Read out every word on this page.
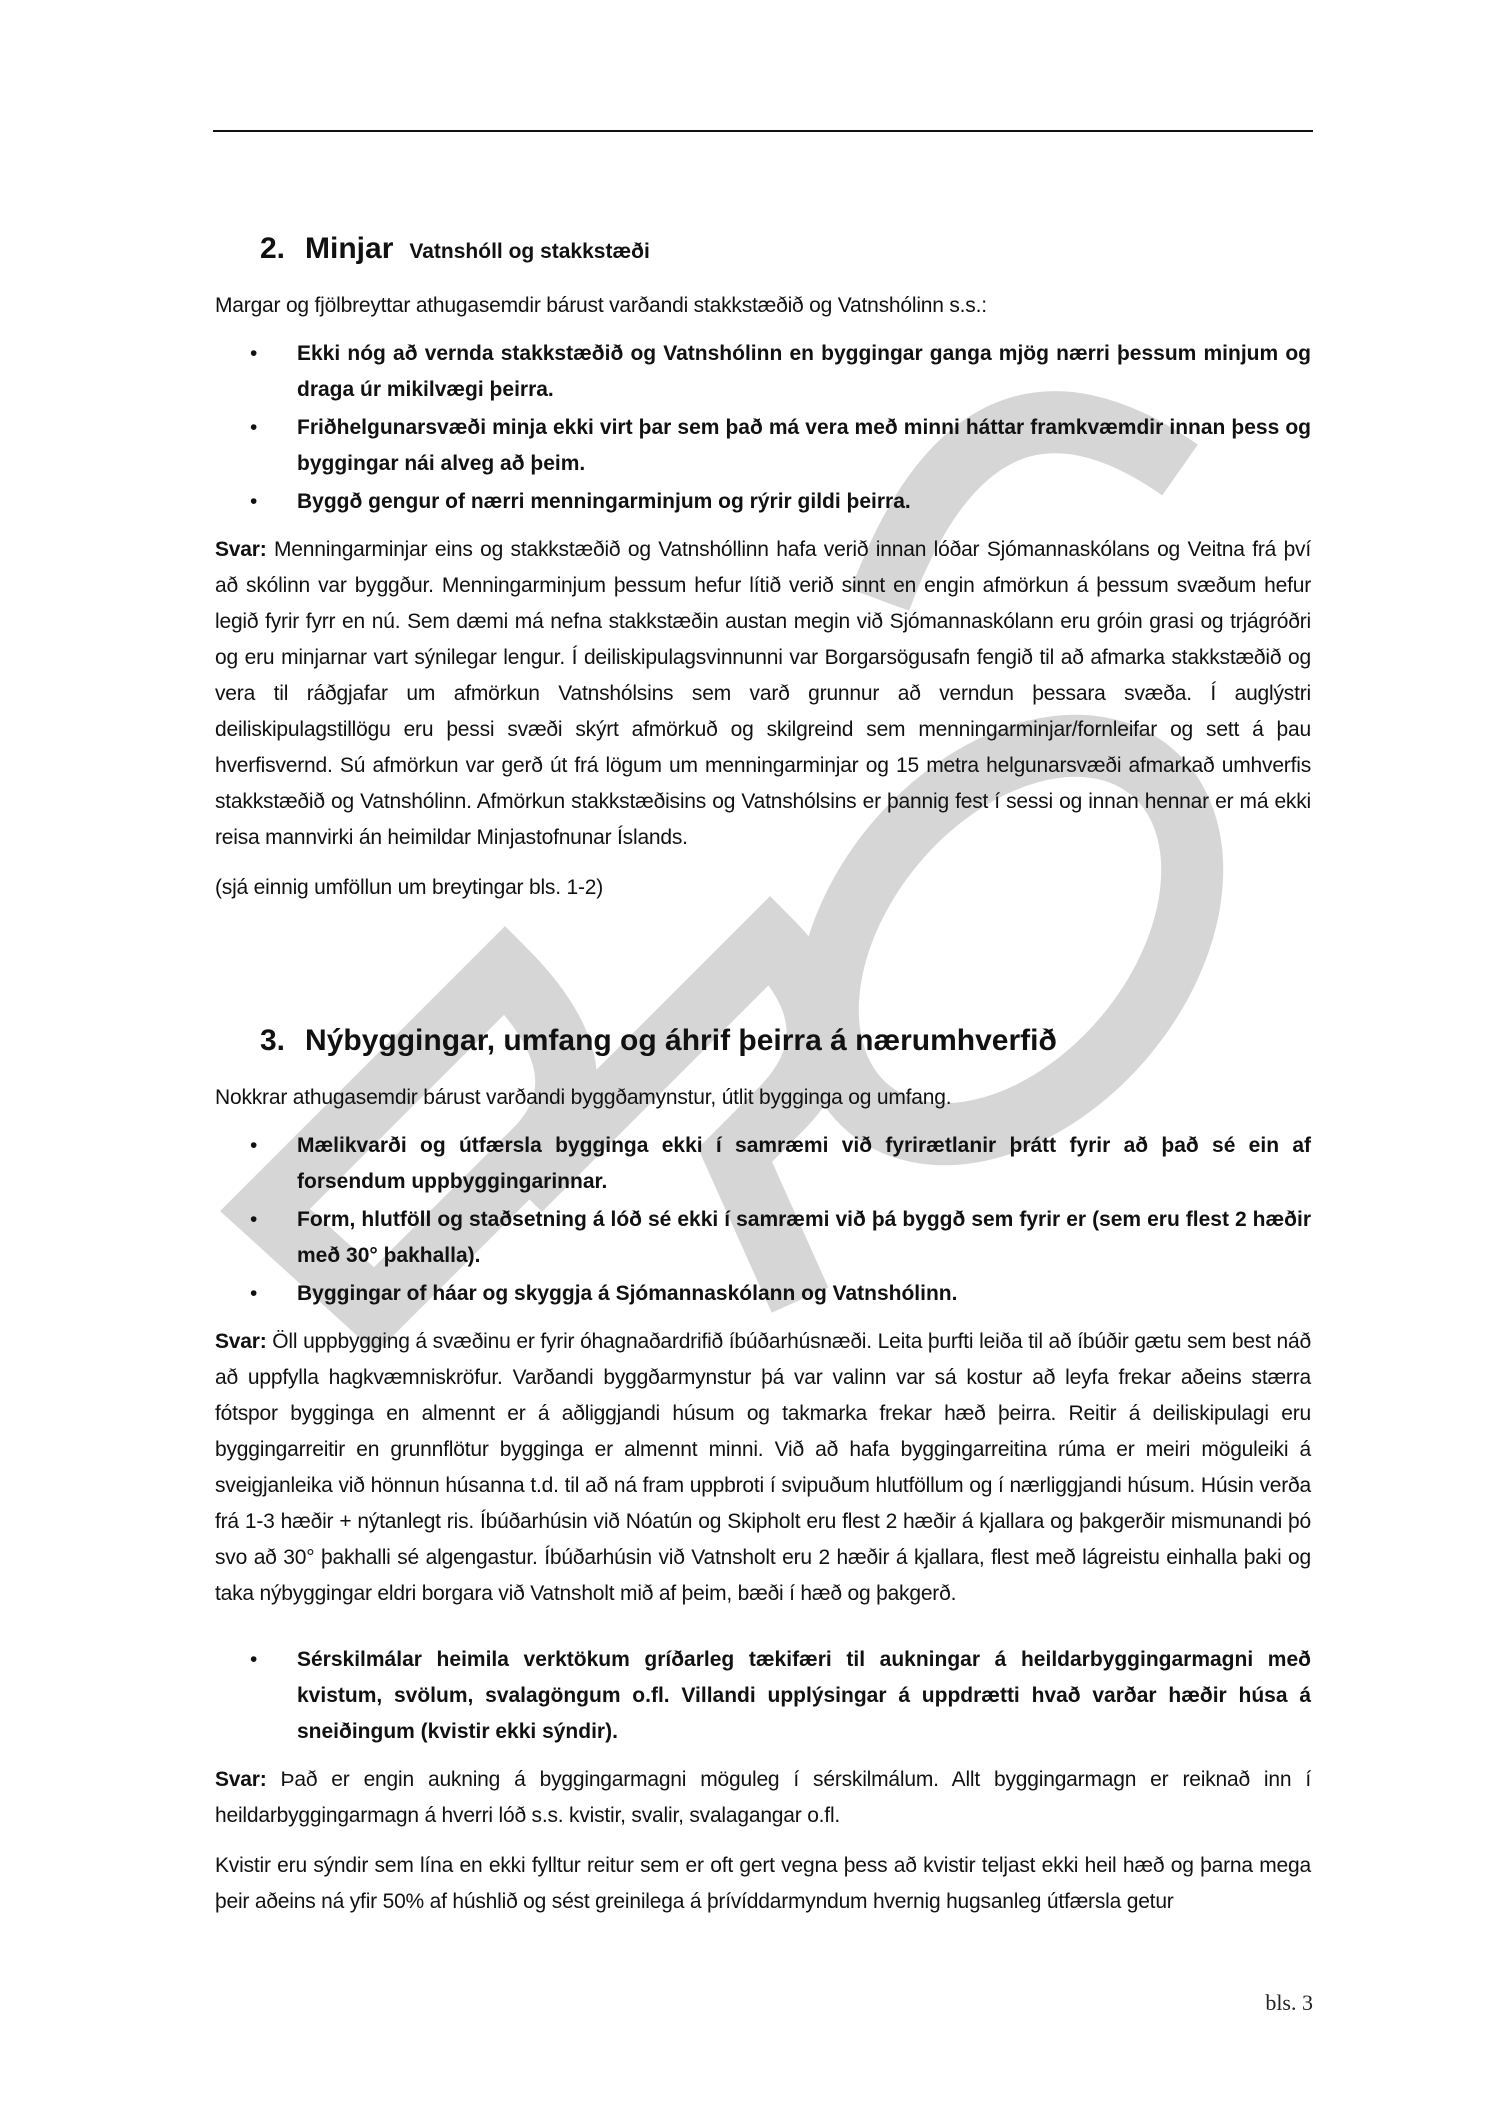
2. Minjar Vatnshóll og stakkstæði

Margar og fjölbreyttar athugasemdir bárust varðandi stakkstæðið og Vatnshólinn s.s.:

• Ekki nóg að vernda stakkstæðið og Vatnshólinn en byggingar ganga mjög nærri þessum minjum og draga úr mikilvægi þeirra.
• Friðhelgunarsvæði minja ekki virt þar sem það má vera með minni háttar framkvæmdir innan þess og byggingar nái alveg að þeim.
• Byggð gengur of nærri menningarminjum og rýrir gildi þeirra.

Svar: Menningarminjar eins og stakkstæðið og Vatnshóllinn hafa verið innan lóðar Sjómannaskólans og Veitna frá því að skólinn var byggður. Menningarminjum þessum hefur lítið verið sinnt en engin afmörkun á þessum svæðum hefur legið fyrir fyrr en nú. Sem dæmi má nefna stakkstæðin austan megin við Sjómannaskólann eru gróin grasi og trjágróðri og eru minjarnar vart sýnilegar lengur. Í deiliskipulagsvinnunni var Borgarsögusafn fengið til að afmarka stakkstæðið og vera til ráðgjafar um afmörkun Vatnshólsins sem varð grunnur að verndun þessara svæða. Í auglýstri deiliskipulagstillögu eru þessi svæði skýrt afmörkuð og skilgreind sem menningarminjar/fornleifar og sett á þau hverfisvernd. Sú afmörkun var gerð út frá lögum um menningarminjar og 15 metra helgunarsvæði afmarkað umhverfis stakkstæðið og Vatnshólinn. Afmörkun stakkstæðisins og Vatnshólsins er þannig fest í sessi og innan hennar er má ekki reisa mannvirki án heimildar Minjastofnunar Íslands.

(sjá einnig umföllun um breytingar bls. 1-2)

3. Nýbyggingar, umfang og áhrif þeirra á nærumhverfið

Nokkrar athugasemdir bárust varðandi byggðamynstur, útlit bygginga og umfang.

• Mælikvarði og útfærsla bygginga ekki í samræmi við fyrirætlanir þrátt fyrir að það sé ein af forsendum uppbyggingarinnar.
• Form, hlutföll og staðsetning á lóð sé ekki í samræmi við þá byggð sem fyrir er (sem eru flest 2 hæðir með 30° þakhalla).
• Byggingar of háar og skyggja á Sjómannaskólann og Vatnshólinn.

Svar: Öll uppbygging á svæðinu er fyrir óhagnaðardrifið íbúðarhúsnæði. Leita þurfti leiða til að íbúðir gætu sem best náð að uppfylla hagkvæmniskröfur. Varðandi byggðarmynstur þá var valinn var sá kostur að leyfa frekar aðeins stærra fótspor bygginga en almennt er á aðliggjandi húsum og takmarka frekar hæð þeirra. Reitir á deiliskipulagi eru byggingarreitir en grunnflötur bygginga er almennt minni. Við að hafa byggingarreitina rúma er meiri möguleiki á sveigjanleika við hönnun húsanna t.d. til að ná fram uppbroti í svipuðum hlutföllum og í nærliggjandi húsum. Húsin verða frá 1-3 hæðir + nýtanlegt ris. Íbúðarhúsin við Nóatún og Skipholt eru flest 2 hæðir á kjallara og þakgerðir mismunandi þó svo að 30° þakhalli sé algengastur. Íbúðarhúsin við Vatnsholt eru 2 hæðir á kjallara, flest með lágreistu einhalla þaki og taka nýbyggingar eldri borgara við Vatnsholt mið af þeim, bæði í hæð og þakgerð.

• Sérskilmálar heimila verktökum gríðarleg tækifæri til aukningar á heildarbyggingarmagni með kvistum, svölum, svalagöngum o.fl. Villandi upplýsingar á uppdrætti hvað varðar hæðir húsa á sneiðingum (kvistir ekki sýndir).

Svar: Það er engin aukning á byggingarmagni möguleg í sérskilmálum. Allt byggingarmagn er reiknað inn í heildarbyggingarmagn á hverri lóð s.s. kvistir, svalir, svalagangar o.fl.

Kvistir eru sýndir sem lína en ekki fylltur reitur sem er oft gert vegna þess að kvistir teljast ekki heil hæð og þarna mega þeir aðeins ná yfir 50% af húshlið og sést greinilega á þrívíddarmyndum hvernig hugsanleg útfærsla getur

bls. 3
